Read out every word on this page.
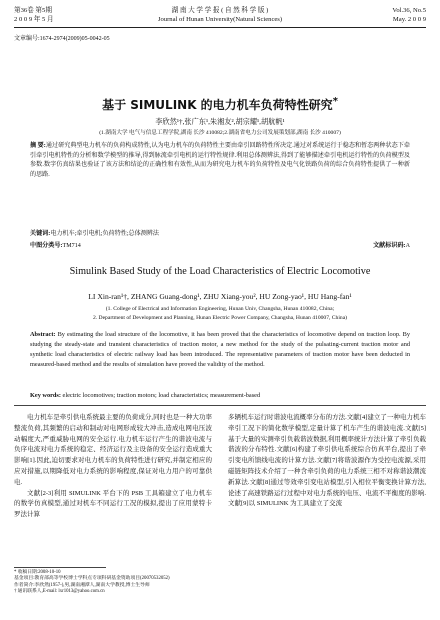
第36卷 第5期
2 0 0 9 年 5 月
湖 南 大 学 学 报 ( 自 然 科 学 版 )
Journal of Hunan University(Natural Sciences)
Vol.36, No.5
May. 2 0 0 9
文章编号:1674-2974(2009)05-0042-05
基于 SIMULINK 的电力机车负荷特性研究*
李欣然¹†,张广东¹,朱湘友²,胡宗耀¹,胡航帆¹
(1.湖南大学 电气与信息工程学院,湖南 长沙 410082;2.湖南省电力公司发展策划部,湖南 长沙 410007)
摘 要:通过研究典型电力机车的负荷构成特性,认为电力机车的负荷特性主要由牵引回路特性所决定.通过对系统运行于稳态和暂态两种状态下牵引牵引电机特性的分析和数学模型的推导,得到脉流牵引电机的运行特性规律.利用总体测辨法,得到了能够描述牵引电机运行特性的负荷模型及参数.数字仿真结果也验证了该方法和结论的正确性和有效性,从而为研究电力机车的负荷特性及电气化铁路负荷的综合负荷特性提供了一种新的思路.
关键词:电力机车;牵引电机;负荷特性;总体测辨法
中图分类号:TM714	文献标识码:A
Simulink Based Study of the Load Characteristics of Electric Locomotive
LI Xin-ran¹†, ZHANG Guang-dong¹, ZHU Xiang-you², HU Zong-yao¹, HU Hang-fan¹
(1. College of Electrical and Information Engineering, Hunan Univ, Changsha, Hunan 410082, China;
2. Department of Development and Planning, Hunan Electric Power Company, Changsha, Hunan 410007, China)
Abstract: By estimating the load structure of the locomotive, it has been proved that the characteristics of locomotive depend on traction loop. By studying the steady-state and transient characteristics of traction motor, a new method for the study of the pulsating-current traction motor and synthetic load characteristics of electric railway load has been introduced. The representative parameters of traction motor have been deducted in measured-based method and the results of simulation have proved the validity of the method.
Key words: electric locomotives; traction motors; load characteristics; measurement-based

电力机车是牵引供电系统最主要的负荷成分,同时也是一种大功率整流负荷,其频繁的启动和制动对电网形成较大冲击,造成电网电压波动幅度大,严重威胁电网的安全运行.电力机车运行产生的谐波电流与负序电流对电力系统的稳定、经济运行及主设备的安全运行造成重大影响[1].因此,迫切要求对电力机车的负荷特性进行研究,并制定相应的应对措施,以期降低对电力系统的影响程度,保证对电力用户的可靠供电.

文献[2-3]利用 SIMULINK 平台下的 PSB 工具箱建立了电力机车的数学仿真模型,通过对机车不同运行工况的模拟,提出了应用蒙特卡罗法计算

多辆机车运行时谐波电流概率分布的方法.文献[4]建立了一种电力机车牵引工况下的简化数学模型,定量计算了机车产生的谐波电流.文献[5]基于大量的实测牵引负载谐波数据,利用概率统计方法计算了牵引负载谐波的分布特性.文献[6]构建了牵引供电系统综合仿真平台,提出了牵引变电所馈线电流的计算方法.文献[7]将谐波源作为受控电流源,采用磁链矩阵技术介绍了一种含牵引负荷的电力系统三相不对称谐波潮流新算法.文献[8]通过等效牵引变电站模型,引入相位平衡变换计算方法,论述了高速铁路运行过程中对电力系统的电压、电流不平衡度的影响.文献[9]以 SIMULINK 为工具建立了交流

* 收稿日期:2008-10-10
基金项目:教育部高等学校博士学科点专项科研基金资助项目(20070532052)
作者简介:李欣然(1957-),男,湖南湘潭人,湖南大学教授,博士生导师
† 通讯联系人,E-mail: lxr1013@yahoo.com.cn
